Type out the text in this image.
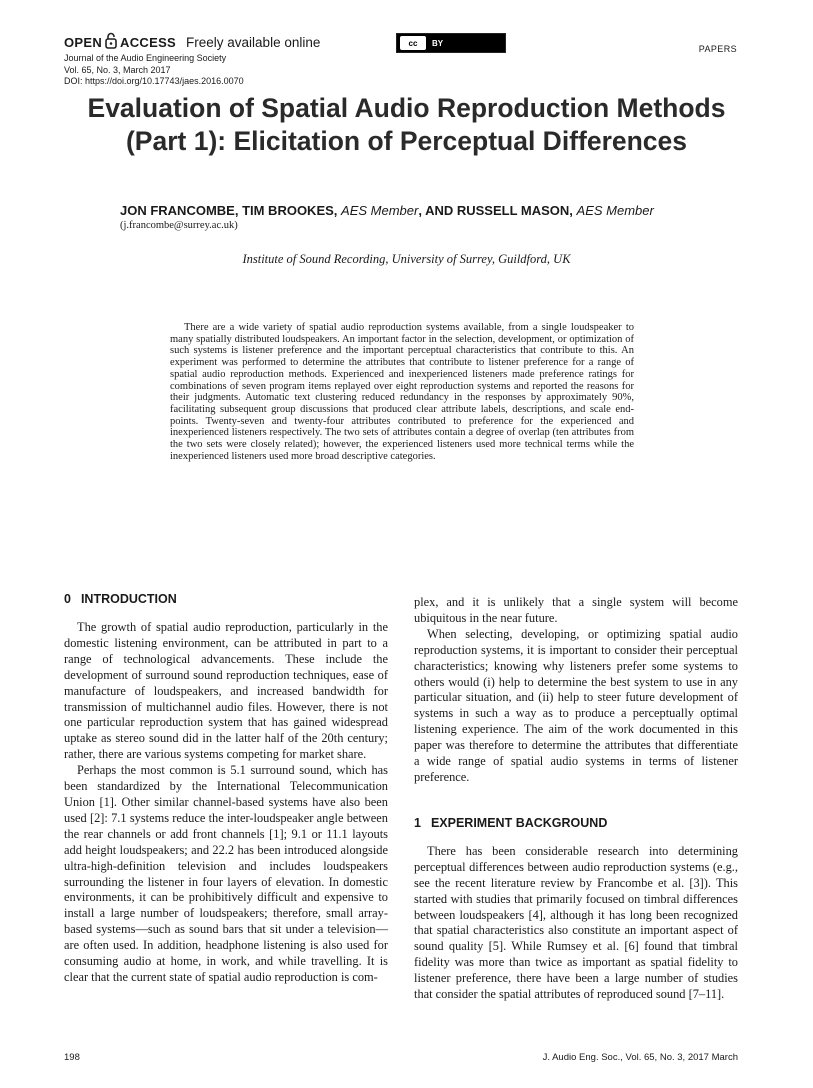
OPEN ACCESS Freely available online	cc	BY
PAPERS
Journal of the Audio Engineering Society
Vol. 65, No. 3, March 2017
DOI: https://doi.org/10.17743/jaes.2016.0070
Evaluation of Spatial Audio Reproduction Methods
(Part 1): Elicitation of Perceptual Differences
JON FRANCOMBE, TIM BROOKES, AES Member, AND RUSSELL MASON, AES Member
(j.francombe@surrey.ac.uk)
Institute of Sound Recording, University of Surrey, Guildford, UK

There are a wide variety of spatial audio reproduction systems available, from a single loudspeaker to many spatially distributed loudspeakers. An important factor in the selection, development, or optimization of such systems is listener preference and the important perceptual characteristics that contribute to this. An experiment was performed to determine the attributes that contribute to listener preference for a range of spatial audio reproduction methods. Experienced and inexperienced listeners made preference ratings for combinations of seven program items replayed over eight reproduction systems and reported the reasons for their judgments. Automatic text clustering reduced redundancy in the responses by approximately 90%, facilitating subsequent group discussions that produced clear attribute labels, descriptions, and scale end-points. Twenty-seven and twenty-four attributes contributed to preference for the experienced and inexperienced listeners respectively. The two sets of attributes contain a degree of overlap (ten attributes from the two sets were closely related); however, the experienced listeners used more technical terms while the inexperienced listeners used more broad descriptive categories.

0 INTRODUCTION

The growth of spatial audio reproduction, particularly in the domestic listening environment, can be attributed in part to a range of technological advancements. These include the development of surround sound reproduction techniques, ease of manufacture of loudspeakers, and increased bandwidth for transmission of multichannel audio files. However, there is not one particular reproduction system that has gained widespread uptake as stereo sound did in the latter half of the 20th century; rather, there are various systems competing for market share.

Perhaps the most common is 5.1 surround sound, which has been standardized by the International Telecommunication Union [1]. Other similar channel-based systems have also been used [2]: 7.1 systems reduce the inter-loudspeaker angle between the rear channels or add front channels [1]; 9.1 or 11.1 layouts add height loudspeakers; and 22.2 has been introduced alongside ultra-high-definition television and includes loudspeakers surrounding the listener in four layers of elevation. In domestic environments, it can be prohibitively difficult and expensive to install a large number of loudspeakers; therefore, small array-based systems—such as sound bars that sit under a television—are often used. In addition, headphone listening is also used for consuming audio at home, in work, and while travelling. It is clear that the current state of spatial audio reproduction is com-

plex, and it is unlikely that a single system will become ubiquitous in the near future.

When selecting, developing, or optimizing spatial audio reproduction systems, it is important to consider their perceptual characteristics; knowing why listeners prefer some systems to others would (i) help to determine the best system to use in any particular situation, and (ii) help to steer future development of systems in such a way as to produce a perceptually optimal listening experience. The aim of the work documented in this paper was therefore to determine the attributes that differentiate a wide range of spatial audio systems in terms of listener preference.

1 EXPERIMENT BACKGROUND

There has been considerable research into determining perceptual differences between audio reproduction systems (e.g., see the recent literature review by Francombe et al. [3]). This started with studies that primarily focused on timbral differences between loudspeakers [4], although it has long been recognized that spatial characteristics also constitute an important aspect of sound quality [5]. While Rumsey et al. [6] found that timbral fidelity was more than twice as important as spatial fidelity to listener preference, there have been a large number of studies that consider the spatial attributes of reproduced sound [7–11].

198	J. Audio Eng. Soc., Vol. 65, No. 3, 2017 March
